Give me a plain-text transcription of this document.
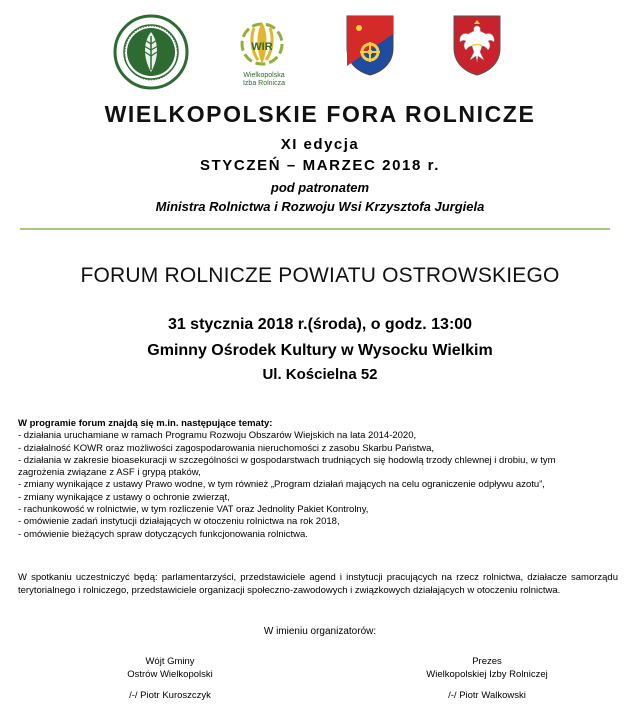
WIR
Wielkopolska
Izba Rolnicza
WIELKOPOLSKIE FORA ROLNICZE
XI edycja
STYCZEŃ – MARZEC 2018 r.
pod patronatem
Ministra Rolnictwa i Rozwoju Wsi Krzysztofa Jurgiela
FORUM ROLNICZE POWIATU OSTROWSKIEGO
31 stycznia 2018 r.(środa), o godz. 13:00
Gminny Ośrodek Kultury w Wysocku Wielkim
Ul. Kościelna 52
W programie forum znajdą się m.in. następujące tematy:
- działania uruchamiane w ramach Programu Rozwoju Obszarów Wiejskich na lata 2014-2020,
- działalność KOWR oraz możliwości zagospodarowania nieruchomości z zasobu Skarbu Państwa,
- działania w zakresie bioasekuracji w szczególności w gospodarstwach trudniących się hodowlą trzody chlewnej i drobiu, w tym
zagrożenia związane z ASF i grypą ptaków,
- zmiany wynikające z ustawy Prawo wodne, w tym również „Program działań mających na celu ograniczenie odpływu azotu”,
- zmiany wynikające z ustawy o ochronie zwierząt,
- rachunkowość w rolnictwie, w tym rozliczenie VAT oraz Jednolity Pakiet Kontrolny,
- omówienie zadań instytucji działających w otoczeniu rolnictwa na rok 2018,
- omówienie bieżących spraw dotyczących funkcjonowania rolnictwa.
W spotkaniu uczestniczyć będą: parlamentarzyści, przedstawiciele agend i instytucji pracujących na rzecz rolnictwa, działacze samorządu terytorialnego i rolniczego, przedstawiciele organizacji społeczno-zawodowych i związkowych działających w otoczeniu rolnictwa.
W imieniu organizatorów:
Wójt Gminy
Ostrów Wielkopolski
/-/ Piotr Kuroszczyk
Prezes
Wielkopolskiej Izby Rolniczej
/-/ Piotr Walkowski
